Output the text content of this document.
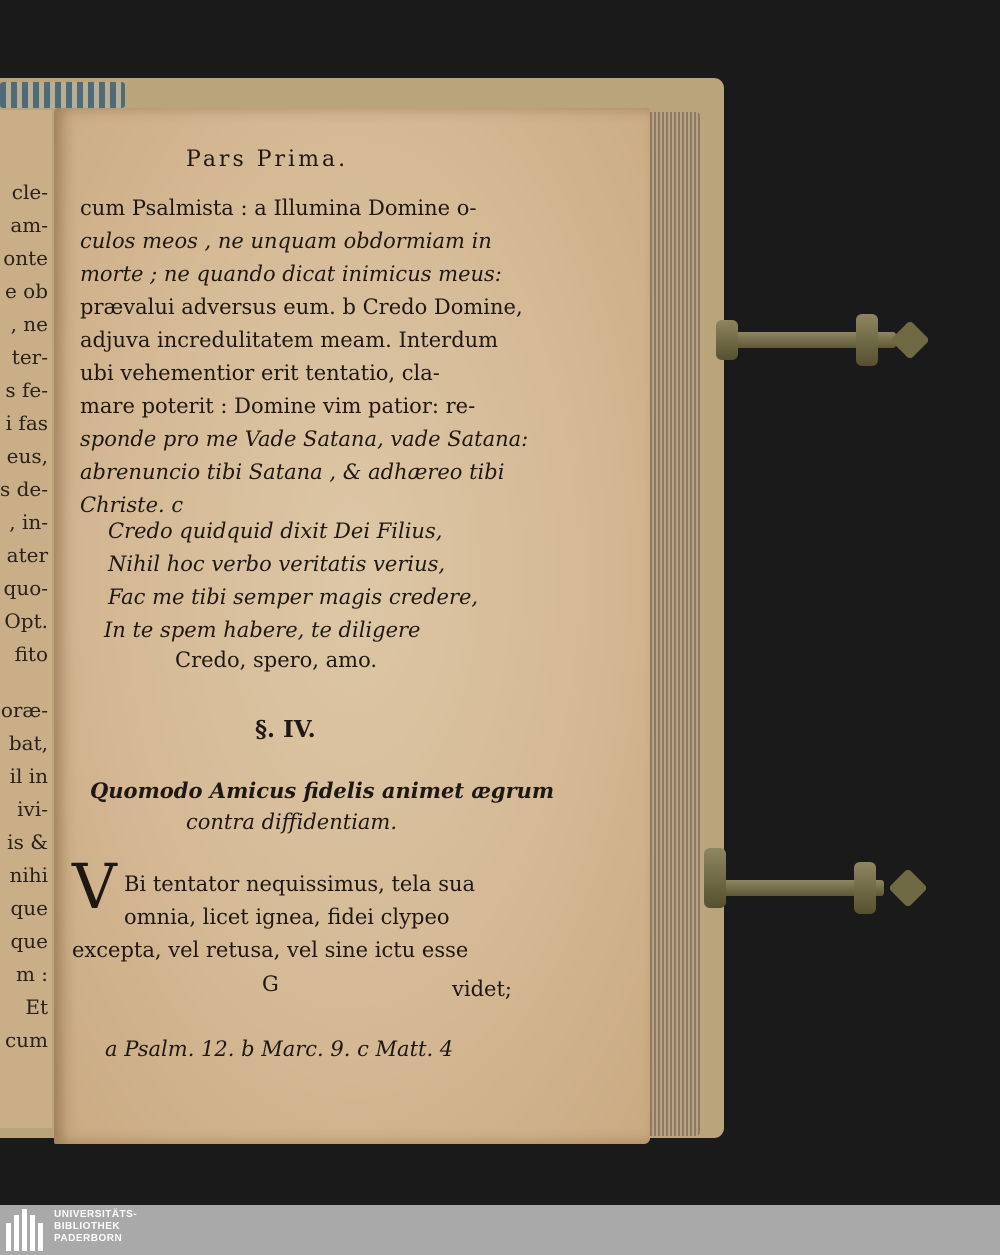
cle-
am-
onte
e ob
, ne
ter-
s fe-
i fas
eus,
s de-
, in-
ater
quo-
Opt.
fito
oræ-
bat,
il in
ivi-
is &
nihi
que
que
m :
Et
cum
Pars Prima.
cum Psalmista : a Illumina Domine o-
culos meos , ne unquam obdormiam in
morte ; ne quando dicat inimicus meus:
prævalui adversus eum. b Credo Domine,
adjuva incredulitatem meam. Interdum
ubi vehementior erit tentatio, cla-
mare poterit : Domine vim patior: re-
sponde pro me Vade Satana, vade Satana:
abrenuncio tibi Satana , & adhæreo tibi
Christe. c
Credo quidquid dixit Dei Filius,
Nihil hoc verbo veritatis verius,
Fac me tibi semper magis credere,
In te spem habere, te diligere
Credo, spero, amo.
§. IV.
Quomodo Amicus fidelis animet ægrum
contra diffidentiam.
V Bi tentator nequissimus, tela sua
omnia, licet ignea, fidei clypeo
excepta, vel retusa, vel sine ictu esse
G	videt;
a Psalm. 12. b Marc. 9. c Matt. 4
UNIVERSITÄTS-
BIBLIOTHEK
PADERBORN
